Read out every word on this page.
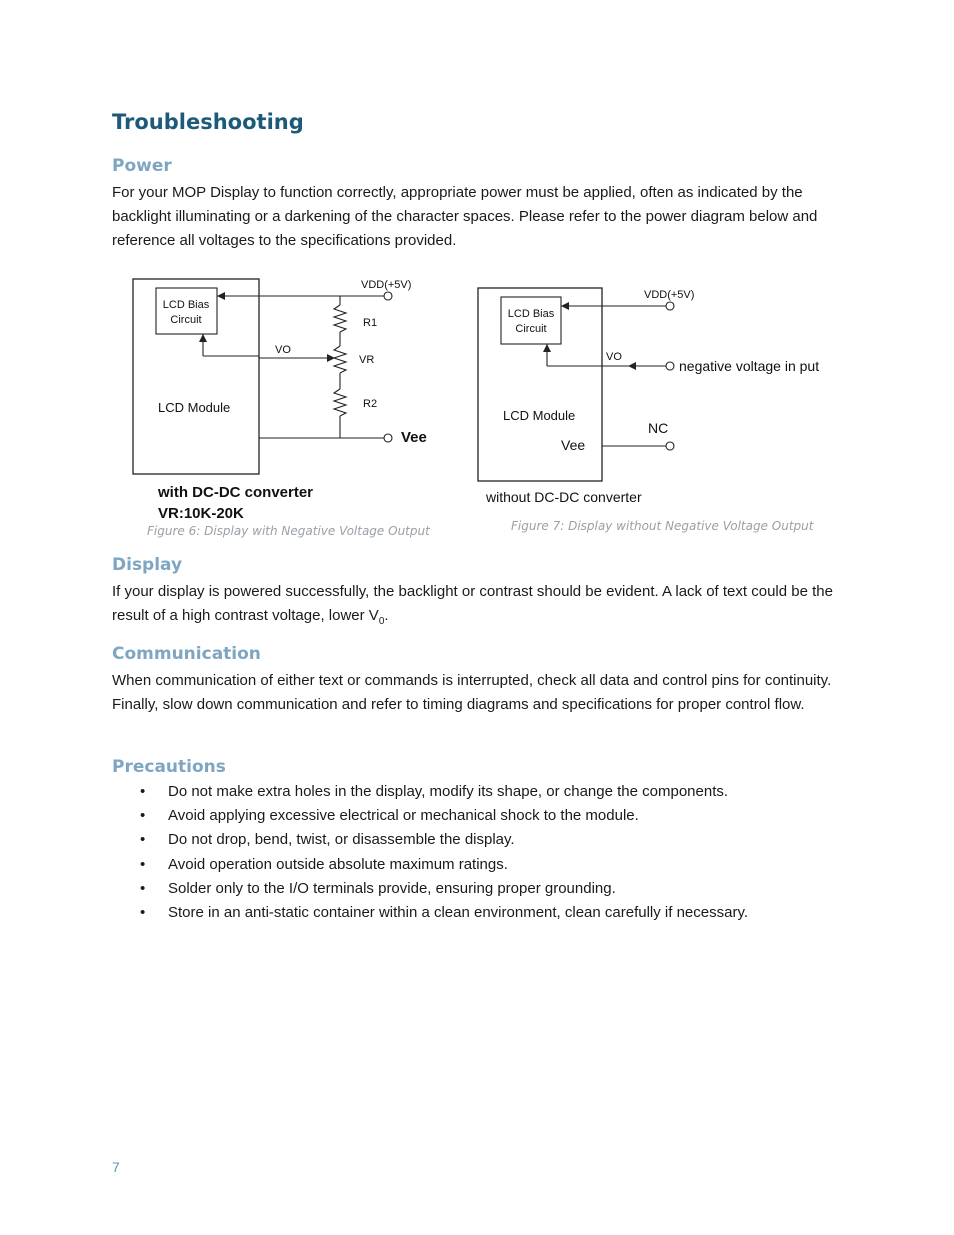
Troubleshooting
Power

For your MOP Display to function correctly, appropriate power must be applied, often as indicated by the backlight illuminating or a darkening of the character spaces. Please refer to the power diagram below and reference all voltages to the specifications provided.

LCD Bias
Circuit
LCD Module
VDD(+5V)
R1
VR
R2
VO
Vee
with DC-DC converter
VR:10K-20K

Figure 6: Display with Negative Voltage Output

LCD Bias
Circuit
LCD Module
VDD(+5V)
VO
negative voltage in put
Vee
NC
without DC-DC converter

Figure 7: Display without Negative Voltage Output

Display

If your display is powered successfully, the backlight or contrast should be evident. A lack of text could be the result of a high contrast voltage, lower $V_0$.

Communication

When communication of either text or commands is interrupted, check all data and control pins for continuity. Finally, slow down communication and refer to timing diagrams and specifications for proper control flow.

Precautions
• Do not make extra holes in the display, modify its shape, or change the components.
• Avoid applying excessive electrical or mechanical shock to the module.
• Do not drop, bend, twist, or disassemble the display.
• Avoid operation outside absolute maximum ratings.
• Solder only to the I/O terminals provide, ensuring proper grounding.
• Store in an anti-static container within a clean environment, clean carefully if necessary.
7
